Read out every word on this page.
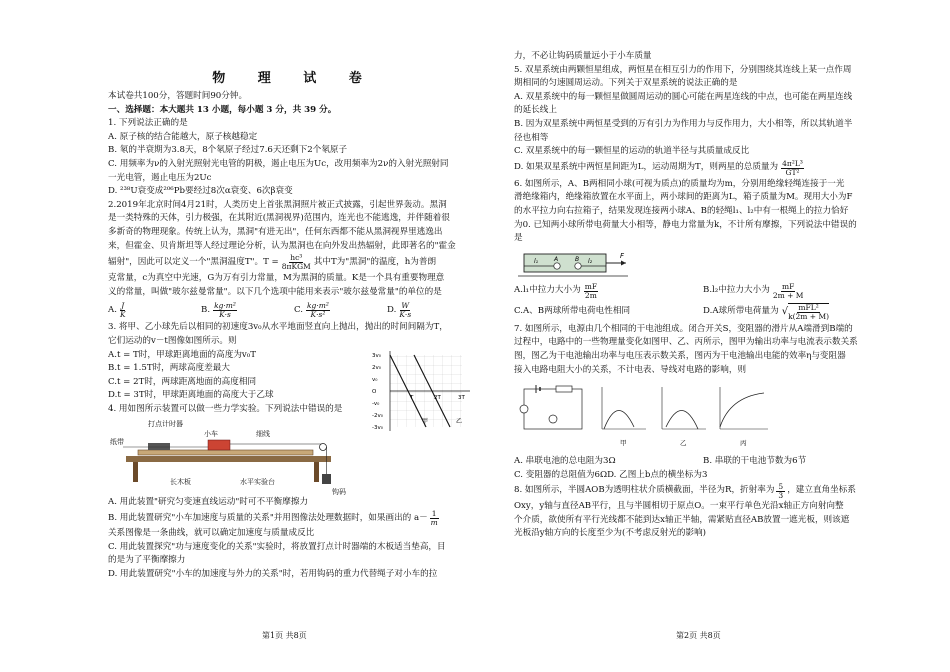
物 理 试 卷
本试卷共100分，答题时间90分钟。
一、选择题：本大题共 13 小题，每小题 3 分，共 39 分。
1. 下列说法正确的是
A. 原子核的结合能越大，原子核越稳定
B. 氡的半衰期为3.8天，8个氡原子经过7.6天还剩下2个氡原子
C. 用频率为ν的入射光照射光电管的阴极，遏止电压为Uc，改用频率为2ν的入射光照射同
一光电管，遏止电压为2Uc
D. ²³⁸U衰变成²⁰⁶Pb要经过8次α衰变、6次β衰变
2.2019年北京时间4月21时，人类历史上首张黑洞照片被正式披露，引起世界轰动。黑洞
是一类特殊的天体，引力极强，在其附近(黑洞视界)范围内，连光也不能逃逸，并伴随着很
多新奇的物理现象。传统上认为，黑洞"有进无出"，任何东西都不能从黑洞视界里逃逸出
来，但霍金、贝肯斯坦等人经过理论分析，认为黑洞也在向外发出热辐射，此即著名的"霍金
辐射"，因此可以定义一个"黑洞温度T"。T = hc³
8πKGM 其中T为"黑洞"的温度，h为普朗
克常量，c为真空中光速，G为万有引力常量，M为黑洞的质量。K是一个具有重要物理意
义的常量，叫做"玻尔兹曼常量"。以下几个选项中能用来表示"玻尔兹曼常量"的单位的是
A. $\frac{J}{K}$	B. $\frac{\text{kg·m²}}{K\cdot s}$	C. $\frac{\text{kg·m²}}{\text{K·s²}}$	D. $\frac{W}{K\cdot s}$
3. 将甲、乙小球先后以相同的初速度3v₀从水平地面竖直向上抛出，抛出的时间间隔为T，
它们运动的v－t图像如图所示。则
A.t = T时，甲球距离地面的高度为v₀T
B.t = 1.5T时，两球高度差最大
C.t = 2T时，两球距离地面的高度相同
D.t = 3T时，甲球距离地面的高度大于乙球
3v₀
2v₀
v₀
O
-v₀
-2v₀
-3v₀
T	2T	3T
甲	乙
4. 用如图所示装置可以做一些力学实验。下列说法中错误的是
打点计时器
纸带
小车	细线
长木板	水平实验台
钩码
A. 用此装置"研究匀变速直线运动"时可不平衡摩擦力
B. 用此装置研究"小车加速度与质量的关系"并用图像法处理数据时，如果画出的 $a- \frac{1}{m}$
关系图像是一条曲线，就可以确定加速度与质量成反比
C. 用此装置探究"功与速度变化的关系"实验时，将放置打点计时器端的木板适当垫高，目
的是为了平衡摩擦力
D. 用此装置研究"小车的加速度与外力的关系"时，若用钩码的重力代替绳子对小车的拉
第1页 共8页
力，不必让钩码质量远小于小车质量
5. 双星系统由两颗恒星组成，两恒星在相互引力的作用下，分别围绕其连线上某一点作周
期相同的匀速圆周运动。下列关于双星系统的说法正确的是
A. 双星系统中的每一颗恒星做圆周运动的圆心可能在两星连线的中点，也可能在两星连线
的延长线上
B. 因为双星系统中两恒星受到的万有引力为作用力与反作用力，大小相等，所以其轨道半
径也相等
C. 双星系统中的每一颗恒星的运动的轨道半径与其质量成反比
D. 如果双星系统中两恒星间距为L，运动周期为T，则两星的总质量为 $\frac{\text{4π²L³}}{\text{GT²}}$
6. 如图所示，A、B两相同小球(可视为质点)的质量均为m，分别用绝缘轻绳连接于一光
滑绝缘箱内，绝缘箱放置在水平面上，两小球间的距离为L，箱子质量为M。现用大小为F
的水平拉力向右拉箱子，结果发现连接两小球A、B的轻绳l₁、l₂中有一根绳上的拉力恰好
为0. 已知两小球所带电荷量大小相等，静电力常量为k，不计所有摩擦，下列说法中错误的
是
l₁	A	l₂
B	F
A.l₁中拉力大小为 $\frac{mF}{2m}$	B.l₂中拉力大小为 $\frac{mF}{2m + M}$
C.A、B两球所带电荷电性相同	D.A球所带电荷量为 √ mFL²
k(2m + M)
7. 如图所示，电源由几个相同的干电池组成。闭合开关S，变阻器的滑片从A端滑到B端的
过程中，电路中的一些物理量变化如图甲、乙、丙所示，图甲为输出功率与电流表示数关系
图，图乙为干电池输出功率与电压表示数关系，图丙为干电池输出电能的效率η与变阻器
接入电路电阻大小的关系，不计电表、导线对电路的影响，则
甲	乙	丙
A. 串联电池的总电阻为3Ω	B. 串联的干电池节数为6节
C. 变阻器的总阻值为6ΩD. 乙图上b点的横坐标为3
8. 如图所示，半圆AOB为透明柱状介质横截面，半径为R，折射率为 $\frac{5}{3}$ ，建立直角坐标系
Oxy，y轴与直径AB平行，且与半圆相切于原点O。一束平行单色光沿x轴正方向射向整
个介质，欲使所有平行光线都不能到达x轴正半轴，需紧贴直径AB放置一遮光板，则该遮
光板沿y轴方向的长度至少为(不考虑反射光的影响)
第2页 共8页
